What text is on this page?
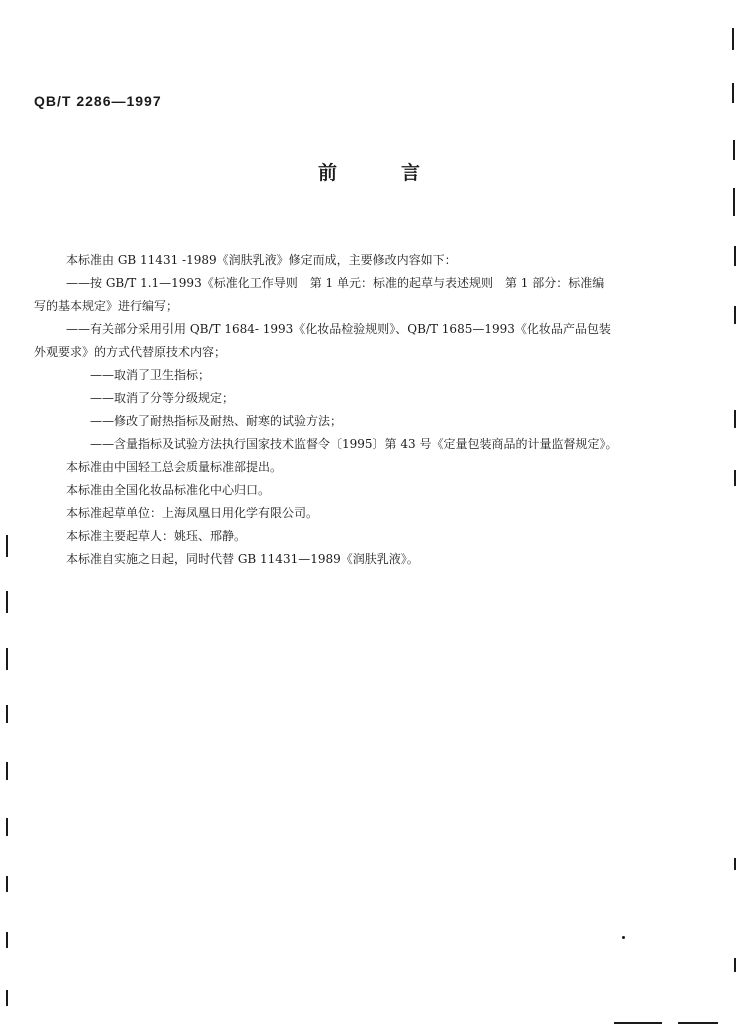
QB/T 2286—1997
前言
本标准由 GB 11431 -1989《润肤乳液》修定而成，主要修改内容如下：
——按 GB/T 1.1—1993《标准化工作导则　第 1 单元：标准的起草与表述规则　第 1 部分：标准编
写的基本规定》进行编写；
——有关部分采用引用 QB/T 1684- 1993《化妆品检验规则》、QB/T 1685—1993《化妆品产品包装
外观要求》的方式代替原技术内容；
——取消了卫生指标；
——取消了分等分级规定；
——修改了耐热指标及耐热、耐寒的试验方法；
——含量指标及试验方法执行国家技术监督令〔1995〕第 43 号《定量包装商品的计量监督规定》。
本标准由中国轻工总会质量标准部提出。
本标准由全国化妆品标准化中心归口。
本标准起草单位：上海凤凰日用化学有限公司。
本标准主要起草人：姚珏、邢静。
本标准自实施之日起，同时代替 GB 11431—1989《润肤乳液》。
